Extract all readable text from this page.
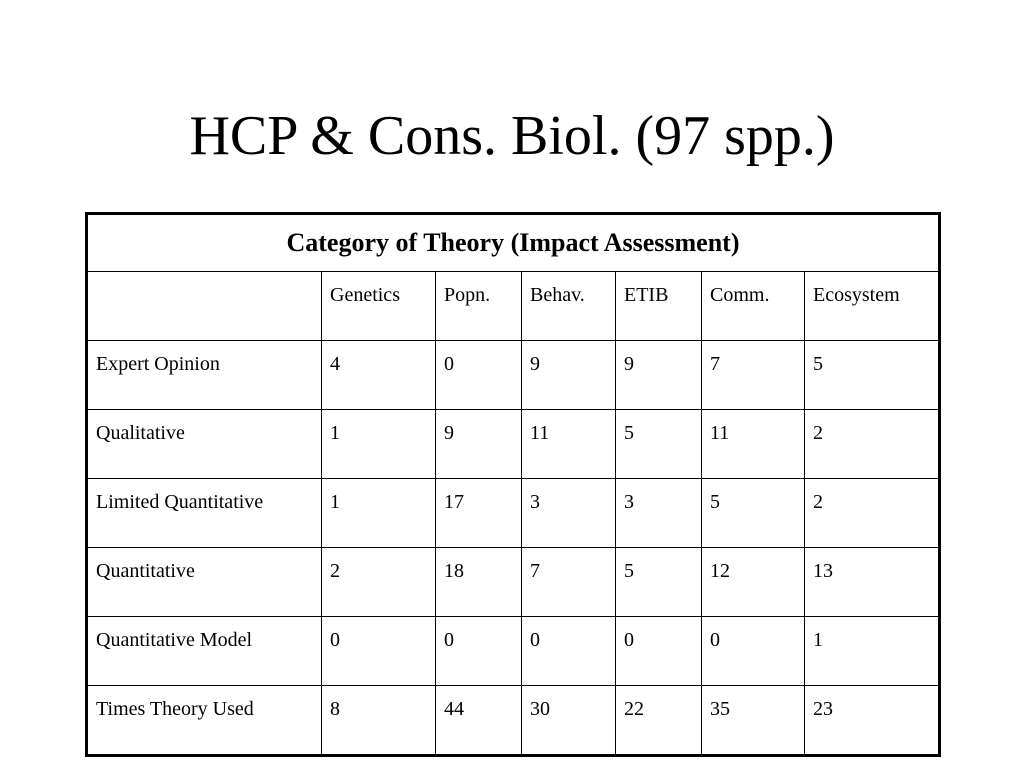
HCP & Cons. Biol. (97 spp.)
Category of Theory (Impact Assessment)						
	Genetics	Popn.	Behav.	ETIB	Comm.	Ecosystem
Expert Opinion	4	0	9	9	7	5
Qualitative	1	9	11	5	11	2
Limited Quantitative	1	17	3	3	5	2
Quantitative	2	18	7	5	12	13
Quantitative Model	0	0	0	0	0	1
Times Theory Used	8	44	30	22	35	23
